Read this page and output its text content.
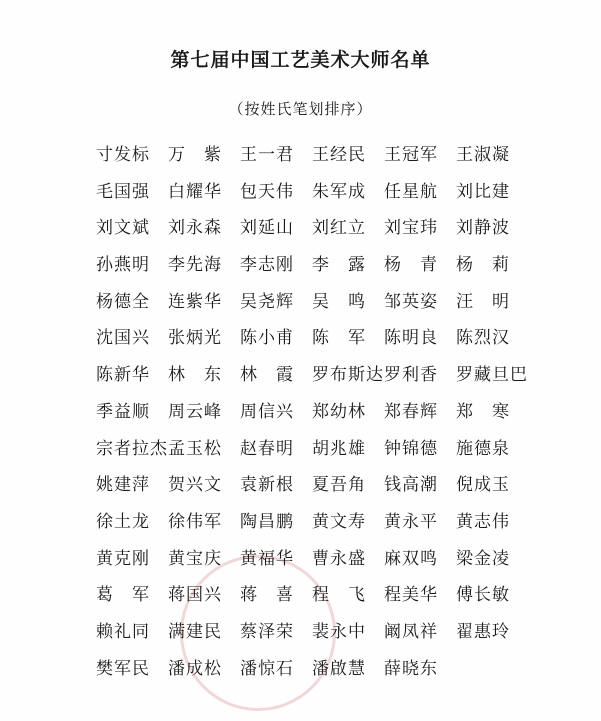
第七届中国工艺美术大师名单
（按姓氏笔划排序）
寸发标	万　紫	王一君	王经民	王冠军	王淑凝
毛国强	白耀华	包天伟	朱军成	任星航	刘比建
刘文斌	刘永森	刘延山	刘红立	刘宝玮	刘静波
孙燕明	李先海	李志刚	李　露	杨　青	杨　莉
杨德全	连紫华	吴尧辉	吴　鸣	邹英姿	汪　明
沈国兴	张炳光	陈小甫	陈　军	陈明良	陈烈汉
陈新华	林　东	林　霞	罗布斯达 罗利香	罗藏旦巴
季益顺	周云峰	周信兴	郑幼林	郑春辉	郑　寒
宗者拉杰 孟玉松	赵春明	胡兆雄	钟锦德	施德泉
姚建萍	贺兴文	袁新根	夏吾角	钱高潮	倪成玉
徐土龙	徐伟军	陶昌鹏	黄文寿	黄永平	黄志伟
黄克刚	黄宝庆	黄福华	曹永盛	麻双鸣	梁金凌
葛　军	蒋国兴	蒋　喜	程　飞	程美华	傅长敏
赖礼同	满建民	蔡泽荣	裴永中	阚凤祥	翟惠玲
樊军民	潘成松	潘惊石	潘啟慧	薛晓东
